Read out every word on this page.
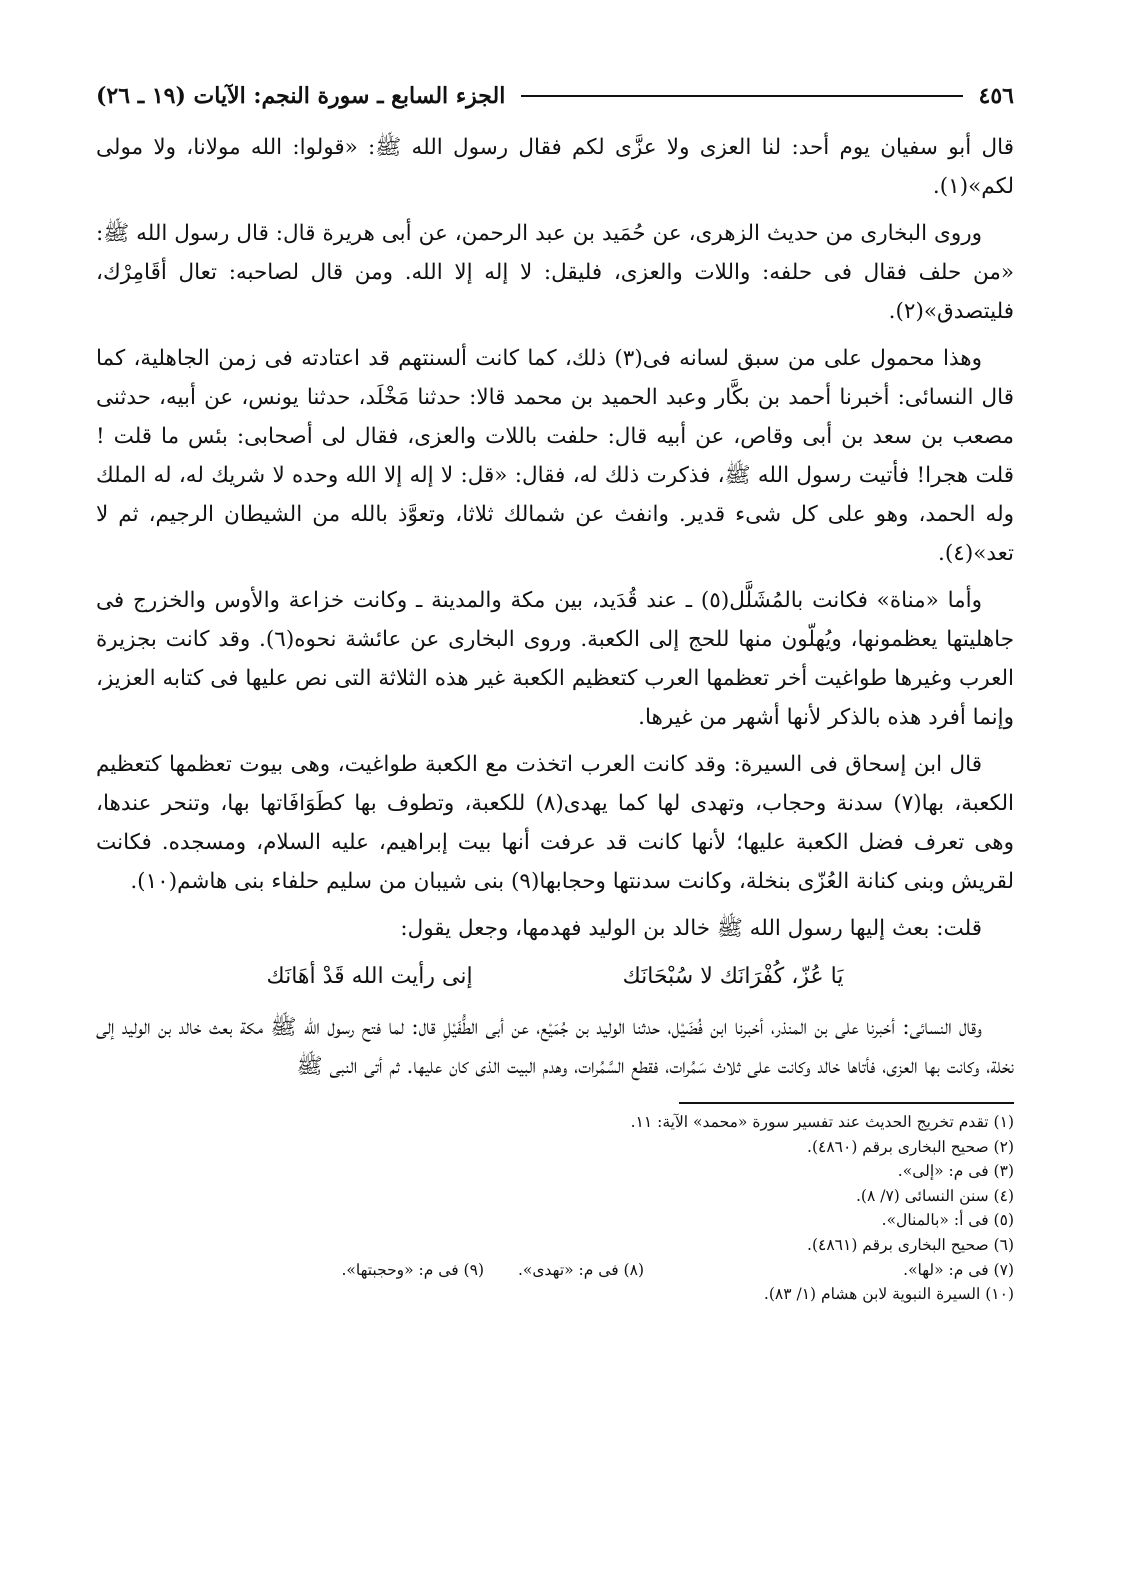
٤٥٦
الجزء السابع ـ سورة النجم: الآيات (١٩ ـ ٢٦)

قال أبو سفيان يوم أحد: لنا العزى ولا عزَّى لكم فقال رسول الله ﷺ: «قولوا: الله مولانا، ولا مولى لكم»(١).

وروى البخارى من حديث الزهرى، عن حُمَيد بن عبد الرحمن، عن أبى هريرة قال: قال رسول الله ﷺ: «من حلف فقال فى حلفه: واللات والعزى، فليقل: لا إله إلا الله. ومن قال لصاحبه: تعال أقَامِرْك، فليتصدق»(٢).

وهذا محمول على من سبق لسانه فى(٣) ذلك، كما كانت ألسنتهم قد اعتادته فى زمن الجاهلية، كما قال النسائى: أخبرنا أحمد بن بكَّار وعبد الحميد بن محمد قالا: حدثنا مَخْلَد، حدثنا يونس، عن أبيه، حدثنى مصعب بن سعد بن أبى وقاص، عن أبيه قال: حلفت باللات والعزى، فقال لى أصحابى: بئس ما قلت ! قلت هجرا! فأتيت رسول الله ﷺ، فذكرت ذلك له، فقال: «قل: لا إله إلا الله وحده لا شريك له، له الملك وله الحمد، وهو على كل شىء قدير. وانفث عن شمالك ثلاثا، وتعوَّذ بالله من الشيطان الرجيم، ثم لا تعد»(٤).

وأما «مناة» فكانت بالمُشَلَّل(٥) ـ عند قُدَيد، بين مكة والمدينة ـ وكانت خزاعة والأوس والخزرج فى جاهليتها يعظمونها، ويُهلّون منها للحج إلى الكعبة. وروى البخارى عن عائشة نحوه(٦). وقد كانت بجزيرة العرب وغيرها طواغيت أخر تعظمها العرب كتعظيم الكعبة غير هذه الثلاثة التى نص عليها فى كتابه العزيز، وإنما أفرد هذه بالذكر لأنها أشهر من غيرها.

قال ابن إسحاق فى السيرة: وقد كانت العرب اتخذت مع الكعبة طواغيت، وهى بيوت تعظمها كتعظيم الكعبة، بها(٧) سدنة وحجاب، وتهدى لها كما يهدى(٨) للكعبة، وتطوف بها كطَوَافَاتها بها، وتنحر عندها، وهى تعرف فضل الكعبة عليها؛ لأنها كانت قد عرفت أنها بيت إبراهيم، عليه السلام، ومسجده. فكانت لقريش وبنى كنانة العُزّى بنخلة، وكانت سدنتها وحجابها(٩) بنى شيبان من سليم حلفاء بنى هاشم(١٠).

قلت: بعث إليها رسول الله ﷺ خالد بن الوليد فهدمها، وجعل يقول:

يَا عُزّ، كُفْرَانَك لا سُبْحَانَك
إنى رأيت الله قَدْ أهَانَك

وقال النسائى: أخبرنا على بن المنذر، أخبرنا ابن فُضَيْل، حدثنا الوليد بن جُمَيْع، عن أبى الطُّفَيْلِ قال: لما فتح رسول الله ﷺ مكة بعث خالد بن الوليد إلى نخلة، وكانت بها العزى، فأتاها خالد وكانت على ثلاث سَمُرات، فقطع السَّمُرات، وهدم البيت الذى كان عليها. ثم أتى النبى ﷺ

(١) تقدم تخريج الحديث عند تفسير سورة «محمد» الآية: ١١.
(٢) صحيح البخارى برقم (٤٨٦٠).
(٣) فى م: «إلى».
(٤) سنن النسائى (٧/ ٨).
(٥) فى أ: «بالمنال».
(٦) صحيح البخارى برقم (٤٨٦١).
(٧) فى م: «لها».
(٨) فى م: «تهدى».
(٩) فى م: «وحجبتها».
(١٠) السيرة النبوية لابن هشام (١/ ٨٣).
